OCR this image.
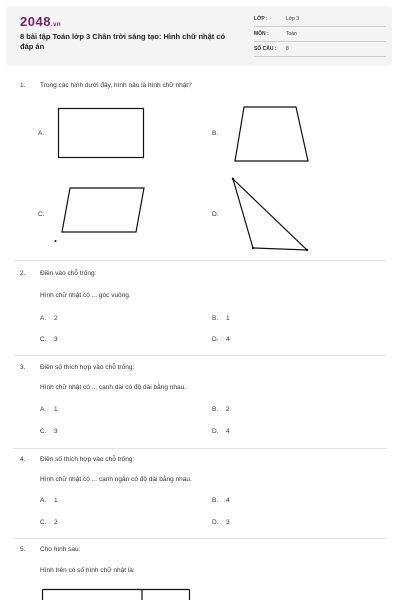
2048.vn
8 bài tập Toán lớp 3 Chân trời sáng tạo: Hình chữ nhật có đáp án
LỚP :	Lớp 3
MÔN :	Toán
SỐ CÂU : 8
1. Trong các hình dưới đây, hình nào là hình chữ nhật?
A.	B.
C.	D.
2. Điền vào chỗ trống:
Hình chữ nhật có ... góc vuông.
A. 2	B. 1
C. 3	D. 4
3. Điền số thích hợp vào chỗ trống:
Hình chữ nhật có ... cạnh dài có độ dài bằng nhau.
A. 1	B. 2
C. 3	D. 4
4. Điền số thích hợp vào chỗ trống:
Hình chữ nhật có ... cạnh ngắn có độ dài bằng nhau.
A. 1	B. 4
C. 2	D. 3
5. Cho hình sau:
Hình trên có số hình chữ nhật là:
